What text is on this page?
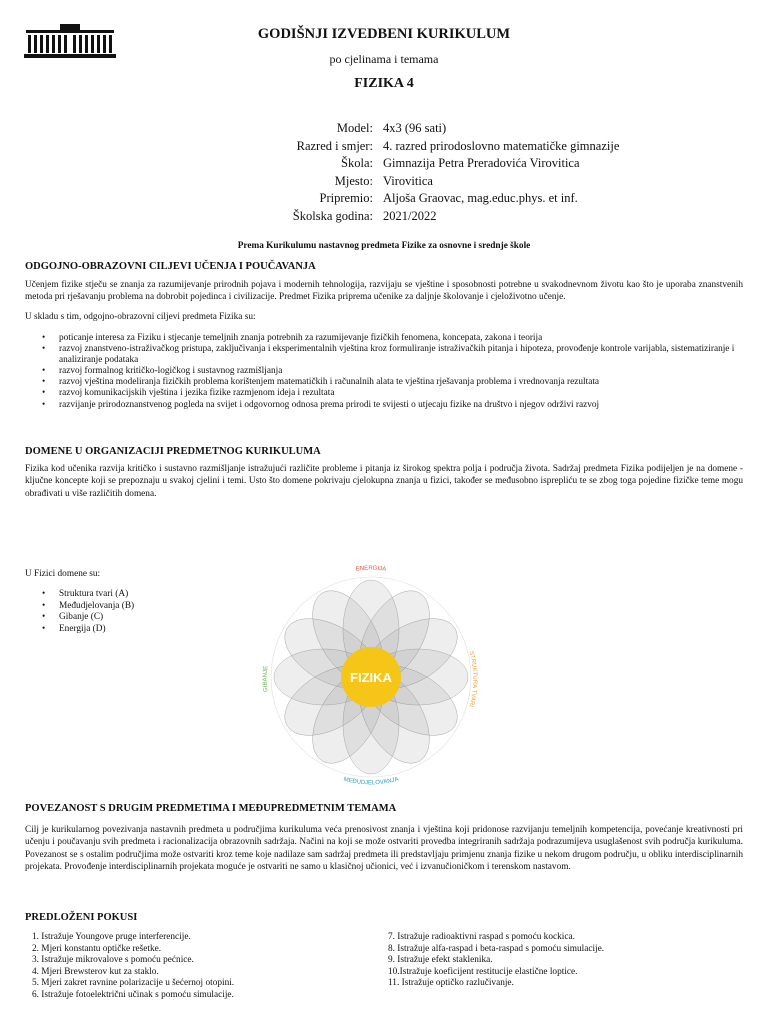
GODIŠNJI IZVEDBENI KURIKULUM
po cjelinama i temama
FIZIKA 4
Model: 4x3 (96 sati)
Razred i smjer: 4. razred prirodoslovno matematičke gimnazije
Škola: Gimnazija Petra Preradovića Virovitica
Mjesto: Virovitica
Pripremio: Aljoša Graovac, mag.educ.phys. et inf.
Školska godina: 2021/2022
Prema Kurikulumu nastavnog predmeta Fizike za osnovne i srednje škole
ODGOJNO-OBRAZOVNI CILJEVI UČENJA I POUČAVANJA
Učenjem fizike stječu se znanja za razumijevanje prirodnih pojava i modernih tehnologija, razvijaju se vještine i sposobnosti potrebne u svakodnevnom životu kao što je uporaba znanstvenih metoda pri rješavanju problema na dobrobit pojedinca i civilizacije. Predmet Fizika priprema učenike za daljnje školovanje i cjeloživotno učenje.
U skladu s tim, odgojno-obrazovni ciljevi predmeta Fizika su:
• poticanje interesa za Fiziku i stjecanje temeljnih znanja potrebnih za razumijevanje fizičkih fenomena, koncepata, zakona i teorija
• razvoj znanstveno-istraživačkog pristupa, zaključivanja i eksperimentalnih vještina kroz formuliranje istraživačkih pitanja i hipoteza, provođenje kontrole varijabla, sistematiziranje i analiziranje podataka
• razvoj formalnog kritičko-logičkog i sustavnog razmišljanja
• razvoj vještina modeliranja fizičkih problema korištenjem matematičkih i računalnih alata te vještina rješavanja problema i vrednovanja rezultata
• razvoj komunikacijskih vještina i jezika fizike razmjenom ideja i rezultata
• razvijanje prirodoznanstvenog pogleda na svijet i odgovornog odnosa prema prirodi te svijesti o utjecaju fizike na društvo i njegov održivi razvoj
DOMENE U ORGANIZACIJI PREDMETNOG KURIKULUMA
Fizika kod učenika razvija kritičko i sustavno razmišljanje istražujući različite probleme i pitanja iz širokog spektra polja i područja života. Sadržaj predmeta Fizika podijeljen je na domene - ključne koncepte koji se prepoznaju u svakoj cjelini i temi. Usto što domene pokrivaju cjelokupna znanja u fizici, također se međusobno isprepliću te se zbog toga pojedine fizičke teme mogu obrađivati u više različitih domena.
U Fizici domene su:
• Struktura tvari (A)
• Međudjelovanja (B)
• Gibanje (C)
• Energija (D)
FIZIKA
ENERGIJA
STRUKTURA TVARI
MEĐUDJELOVANJA
GIBANJE
POVEZANOST S DRUGIM PREDMETIMA I MEĐUPREDMETNIM TEMAMA
Cilj je kurikularnog povezivanja nastavnih predmeta u područjima kurikuluma veća prenosivost znanja i vještina koji pridonose razvijanju temeljnih kompetencija, povećanje kreativnosti pri učenju i poučavanju svih predmeta i racionalizacija obrazovnih sadržaja. Načini na koji se može ostvariti provedba integriranih sadržaja podrazumijeva usuglašenost svih područja kurikuluma. Povezanost se s ostalim područjima može ostvariti kroz teme koje nadilaze sam sadržaj predmeta ili predstavljaju primjenu znanja fizike u nekom drugom području, u obliku interdisciplinarnih projekata. Provođenje interdisciplinarnih projekata moguće je ostvariti ne samo u klasičnoj učionici, već i izvanučioničkom i terenskom nastavom.
PREDLOŽENI POKUSI
1. Istražuje Youngove pruge interferencije.
2. Mjeri konstantu optičke rešetke.
3. Istražuje mikrovalove s pomoću pećnice.
4. Mjeri Brewsterov kut za staklo.
5. Mjeri zakret ravnine polarizacije u šećernoj otopini.
6. Istražuje fotoelektrični učinak s pomoću simulacije.
7. Istražuje radioaktivni raspad s pomoću kockica.
8. Istražuje alfa-raspad i beta-raspad s pomoću simulacije.
9. Istražuje efekt staklenika.
10.Istražuje koeficijent restitucije elastične loptice.
11. Istražuje optičko razlučivanje.
